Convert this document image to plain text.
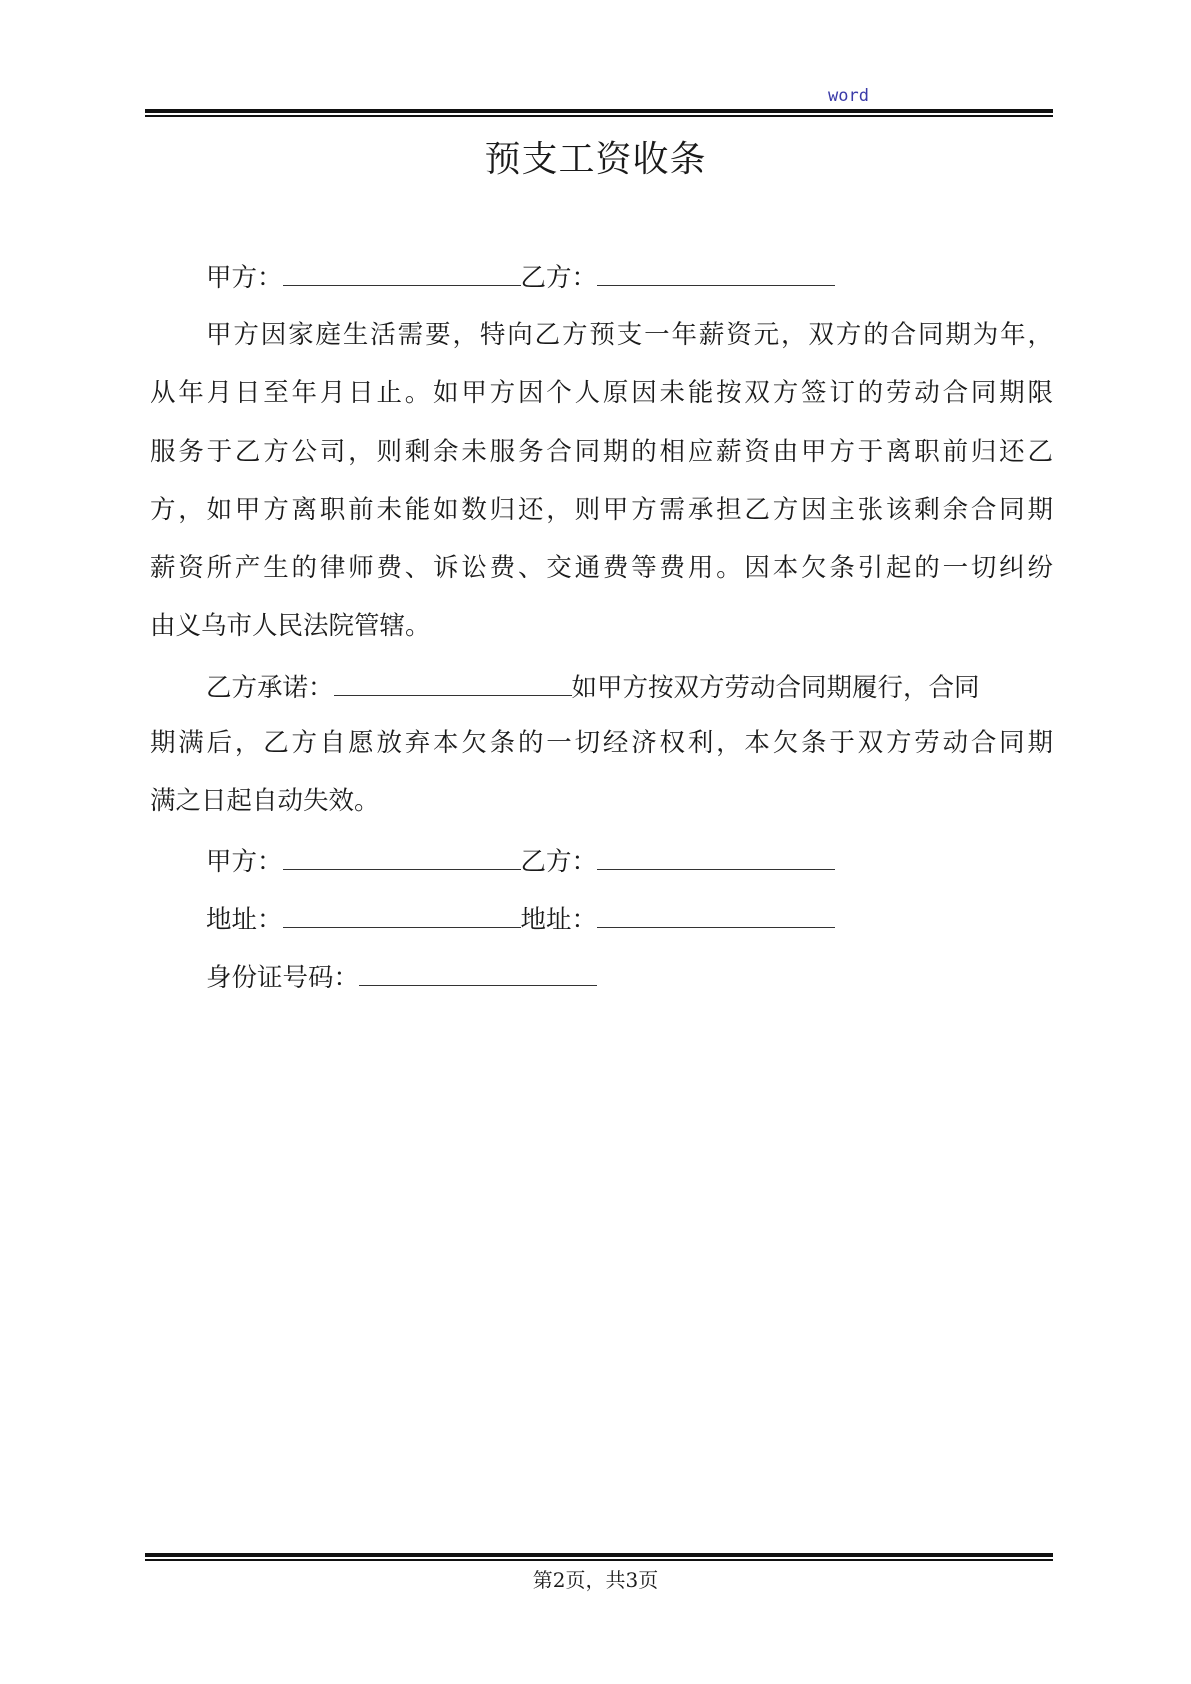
word
预支工资收条
甲方：	乙方：
甲方因家庭生活需要，特向乙方预支一年薪资元，双方的合同期为年，
从年月日至年月日止。如甲方因个人原因未能按双方签订的劳动合同期限
服务于乙方公司，则剩余未服务合同期的相应薪资由甲方于离职前归还乙
方，如甲方离职前未能如数归还，则甲方需承担乙方因主张该剩余合同期
薪资所产生的律师费、诉讼费、交通费等费用。因本欠条引起的一切纠纷
由义乌市人民法院管辖。
乙方承诺：	如甲方按双方劳动合同期履行，合同
期满后，乙方自愿放弃本欠条的一切经济权利，本欠条于双方劳动合同期
满之日起自动失效。
甲方：	乙方：
地址：	地址：
身份证号码：
第2页，共3页
